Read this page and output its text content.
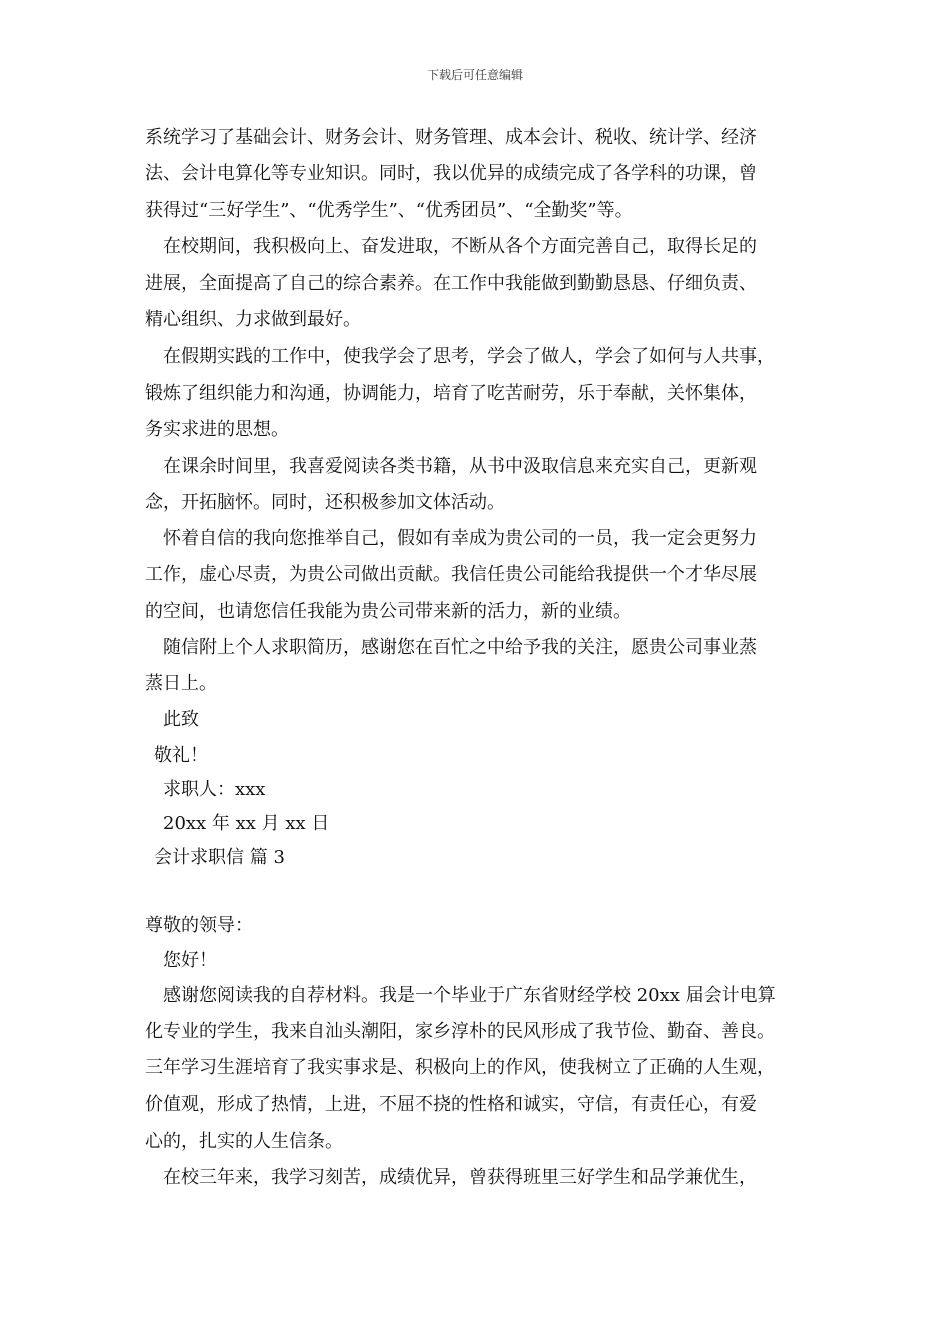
下载后可任意编辑
系统学习了基础会计、财务会计、财务管理、成本会计、税收、统计学、经济
法、会计电算化等专业知识。同时，我以优异的成绩完成了各学科的功课，曾
获得过“三好学生”、“优秀学生”、“优秀团员”、“全勤奖”等。
在校期间，我积极向上、奋发进取，不断从各个方面完善自己，取得长足的
进展，全面提高了自己的综合素养。在工作中我能做到勤勤恳恳、仔细负责、
精心组织、力求做到最好。
在假期实践的工作中，使我学会了思考，学会了做人，学会了如何与人共事，
锻炼了组织能力和沟通，协调能力，培育了吃苦耐劳，乐于奉献，关怀集体，
务实求进的思想。
在课余时间里，我喜爱阅读各类书籍，从书中汲取信息来充实自己，更新观
念，开拓脑怀。同时，还积极参加文体活动。
怀着自信的我向您推举自己，假如有幸成为贵公司的一员，我一定会更努力
工作，虚心尽责，为贵公司做出贡献。我信任贵公司能给我提供一个才华尽展
的空间，也请您信任我能为贵公司带来新的活力，新的业绩。
随信附上个人求职简历，感谢您在百忙之中给予我的关注，愿贵公司事业蒸
蒸日上。
此致
敬礼！
求职人：xxx
20xx 年 xx 月 xx 日
会计求职信 篇 3
尊敬的领导：
您好！
感谢您阅读我的自荐材料。我是一个毕业于广东省财经学校 20xx 届会计电算
化专业的学生，我来自汕头潮阳，家乡淳朴的民风形成了我节俭、勤奋、善良。
三年学习生涯培育了我实事求是、积极向上的作风，使我树立了正确的人生观，
价值观，形成了热情，上进，不屈不挠的性格和诚实，守信，有责任心，有爱
心的，扎实的人生信条。
在校三年来，我学习刻苦，成绩优异，曾获得班里三好学生和品学兼优生，
